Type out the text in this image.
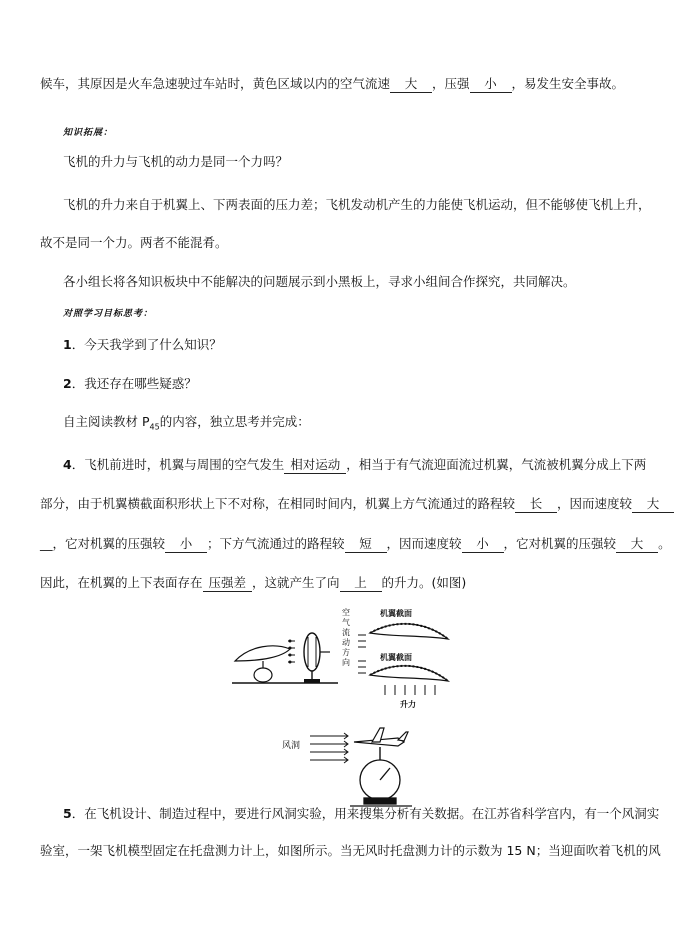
候车，其原因是火车急速驶过车站时，黄色区域以内的空气流速 大 ，压强 小 ，易发生安全事故。
知识拓展：
飞机的升力与飞机的动力是同一个力吗？
飞机的升力来自于机翼上、下两表面的压力差；飞机发动机产生的力能使飞机运动，但不能够使飞机上升，
故不是同一个力。两者不能混肴。
各小组长将各知识板块中不能解决的问题展示到小黑板上，寻求小组间合作探究，共同解决。
对照学习目标思考：
1．今天我学到了什么知识？
2．我还存在哪些疑惑？
自主阅读教材 $P_{45}$的内容，独立思考并完成：
4．飞机前进时，机翼与周围的空气发生 相对运动 ，相当于有气流迎面流过机翼，气流被机翼分成上下两
部分，由于机翼横截面积形状上下不对称，在相同时间内，机翼上方气流通过的路程较 长 ，因而速度较 大
__，它对机翼的压强较 小 ；下方气流通过的路程较 短 ，因而速度较 小 ，它对机翼的压强较 大 。
因此，在机翼的上下表面存在 压强差 ，这就产生了向 上 的升力。(如图)
空气流动方向
机翼截面
机翼截面
升力
风洞
5．在飞机设计、制造过程中，要进行风洞实验，用来搜集分析有关数据。在江苏省科学宫内，有一个风洞实
验室，一架飞机模型固定在托盘测力计上，如图所示。当无风时托盘测力计的示数为 15 N；当迎面吹着飞机的风
